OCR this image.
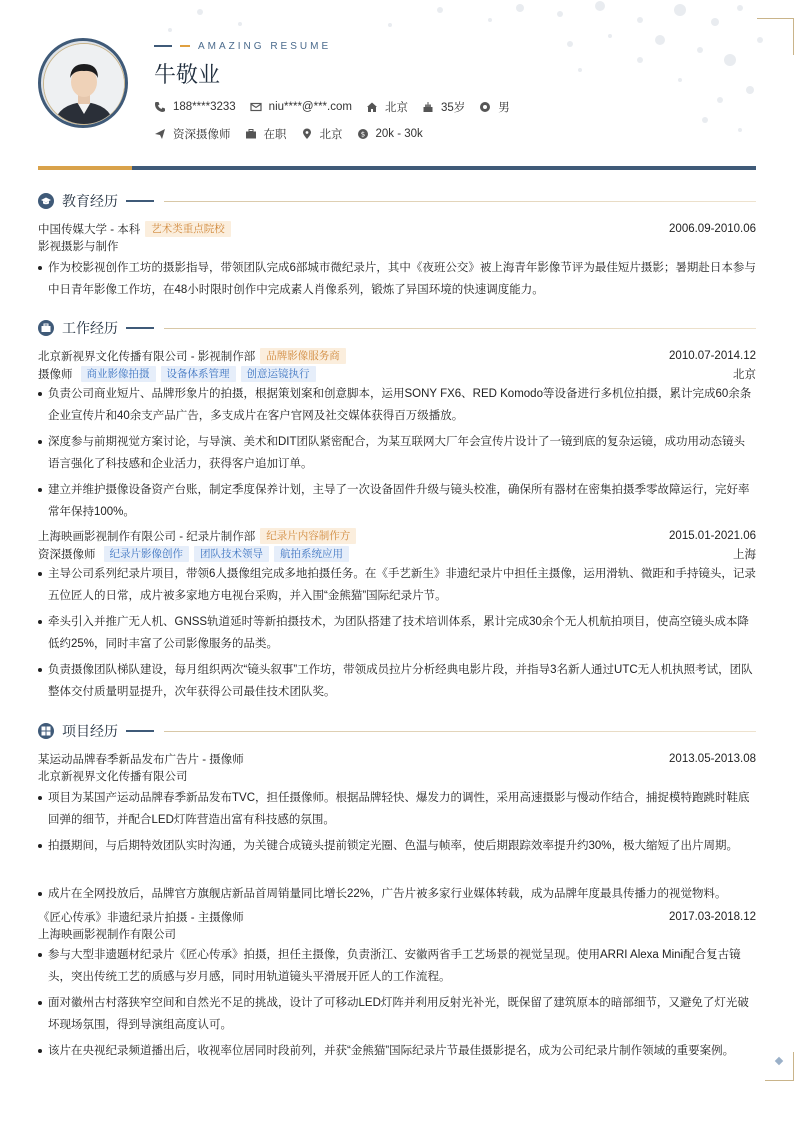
AMAZING RESUME
牛敬业
188****3233	niu****@***.com	北京	35岁	男
资深摄像师	在职	北京	$ 20k - 30k
教育经历
中国传媒大学 - 本科	艺术类重点院校	2006.09-2010.06
影视摄影与制作
作为校影视创作工坊的摄影指导，带领团队完成6部城市微纪录片，其中《夜班公交》被上海青年影像节评为最佳短片摄影；暑期赴日本参与中日青年影像工作坊，在48小时限时创作中完成素人肖像系列，锻炼了异国环境的快速调度能力。
工作经历
北京新视界文化传播有限公司 - 影视制作部	品牌影像服务商	2010.07-2014.12
摄像师	商业影像拍摄	设备体系管理	创意运镜执行	北京
负责公司商业短片、品牌形象片的拍摄，根据策划案和创意脚本，运用SONY FX6、RED Komodo等设备进行多机位拍摄，累计完成60余条企业宣传片和40余支产品广告，多支成片在客户官网及社交媒体获得百万级播放。
深度参与前期视觉方案讨论，与导演、美术和DIT团队紧密配合，为某互联网大厂年会宣传片设计了一镜到底的复杂运镜，成功用动态镜头语言强化了科技感和企业活力，获得客户追加订单。
建立并维护摄像设备资产台账，制定季度保养计划，主导了一次设备固件升级与镜头校准，确保所有器材在密集拍摄季零故障运行，完好率常年保持100%。
上海映画影视制作有限公司 - 纪录片制作部	纪录片内容制作方	2015.01-2021.06
资深摄像师	纪录片影像创作	团队技术领导	航拍系统应用	上海
主导公司系列纪录片项目，带领6人摄像组完成多地拍摄任务。在《手艺新生》非遗纪录片中担任主摄像，运用滑轨、微距和手持镜头，记录五位匠人的日常，成片被多家地方电视台采购，并入围“金熊猫”国际纪录片节。
牵头引入并推广无人机、GNSS轨道延时等新拍摄技术，为团队搭建了技术培训体系，累计完成30余个无人机航拍项目，使高空镜头成本降低约25%，同时丰富了公司影像服务的品类。
负责摄像团队梯队建设，每月组织两次“镜头叙事”工作坊，带领成员拉片分析经典电影片段，并指导3名新人通过UTC无人机执照考试，团队整体交付质量明显提升，次年获得公司最佳技术团队奖。
项目经历
某运动品牌春季新品发布广告片 - 摄像师	2013.05-2013.08
北京新视界文化传播有限公司
项目为某国产运动品牌春季新品发布TVC，担任摄像师。根据品牌轻快、爆发力的调性，采用高速摄影与慢动作结合，捕捉模特跑跳时鞋底回弹的细节，并配合LED灯阵营造出富有科技感的氛围。
拍摄期间，与后期特效团队实时沟通，为关键合成镜头提前锁定光圈、色温与帧率，使后期跟踪效率提升约30%，极大缩短了出片周期。
成片在全网投放后，品牌官方旗舰店新品首周销量同比增长22%，广告片被多家行业媒体转载，成为品牌年度最具传播力的视觉物料。
《匠心传承》非遗纪录片拍摄 - 主摄像师	2017.03-2018.12
上海映画影视制作有限公司
参与大型非遗题材纪录片《匠心传承》拍摄，担任主摄像，负责浙江、安徽两省手工艺场景的视觉呈现。使用ARRI Alexa Mini配合复古镜头，突出传统工艺的质感与岁月感，同时用轨道镜头平滑展开匠人的工作流程。
面对徽州古村落狭窄空间和自然光不足的挑战，设计了可移动LED灯阵并利用反射光补光，既保留了建筑原本的暗部细节，又避免了灯光破坏现场氛围，得到导演组高度认可。
该片在央视纪录频道播出后，收视率位居同时段前列，并获“金熊猫”国际纪录片节最佳摄影提名，成为公司纪录片制作领域的重要案例。
